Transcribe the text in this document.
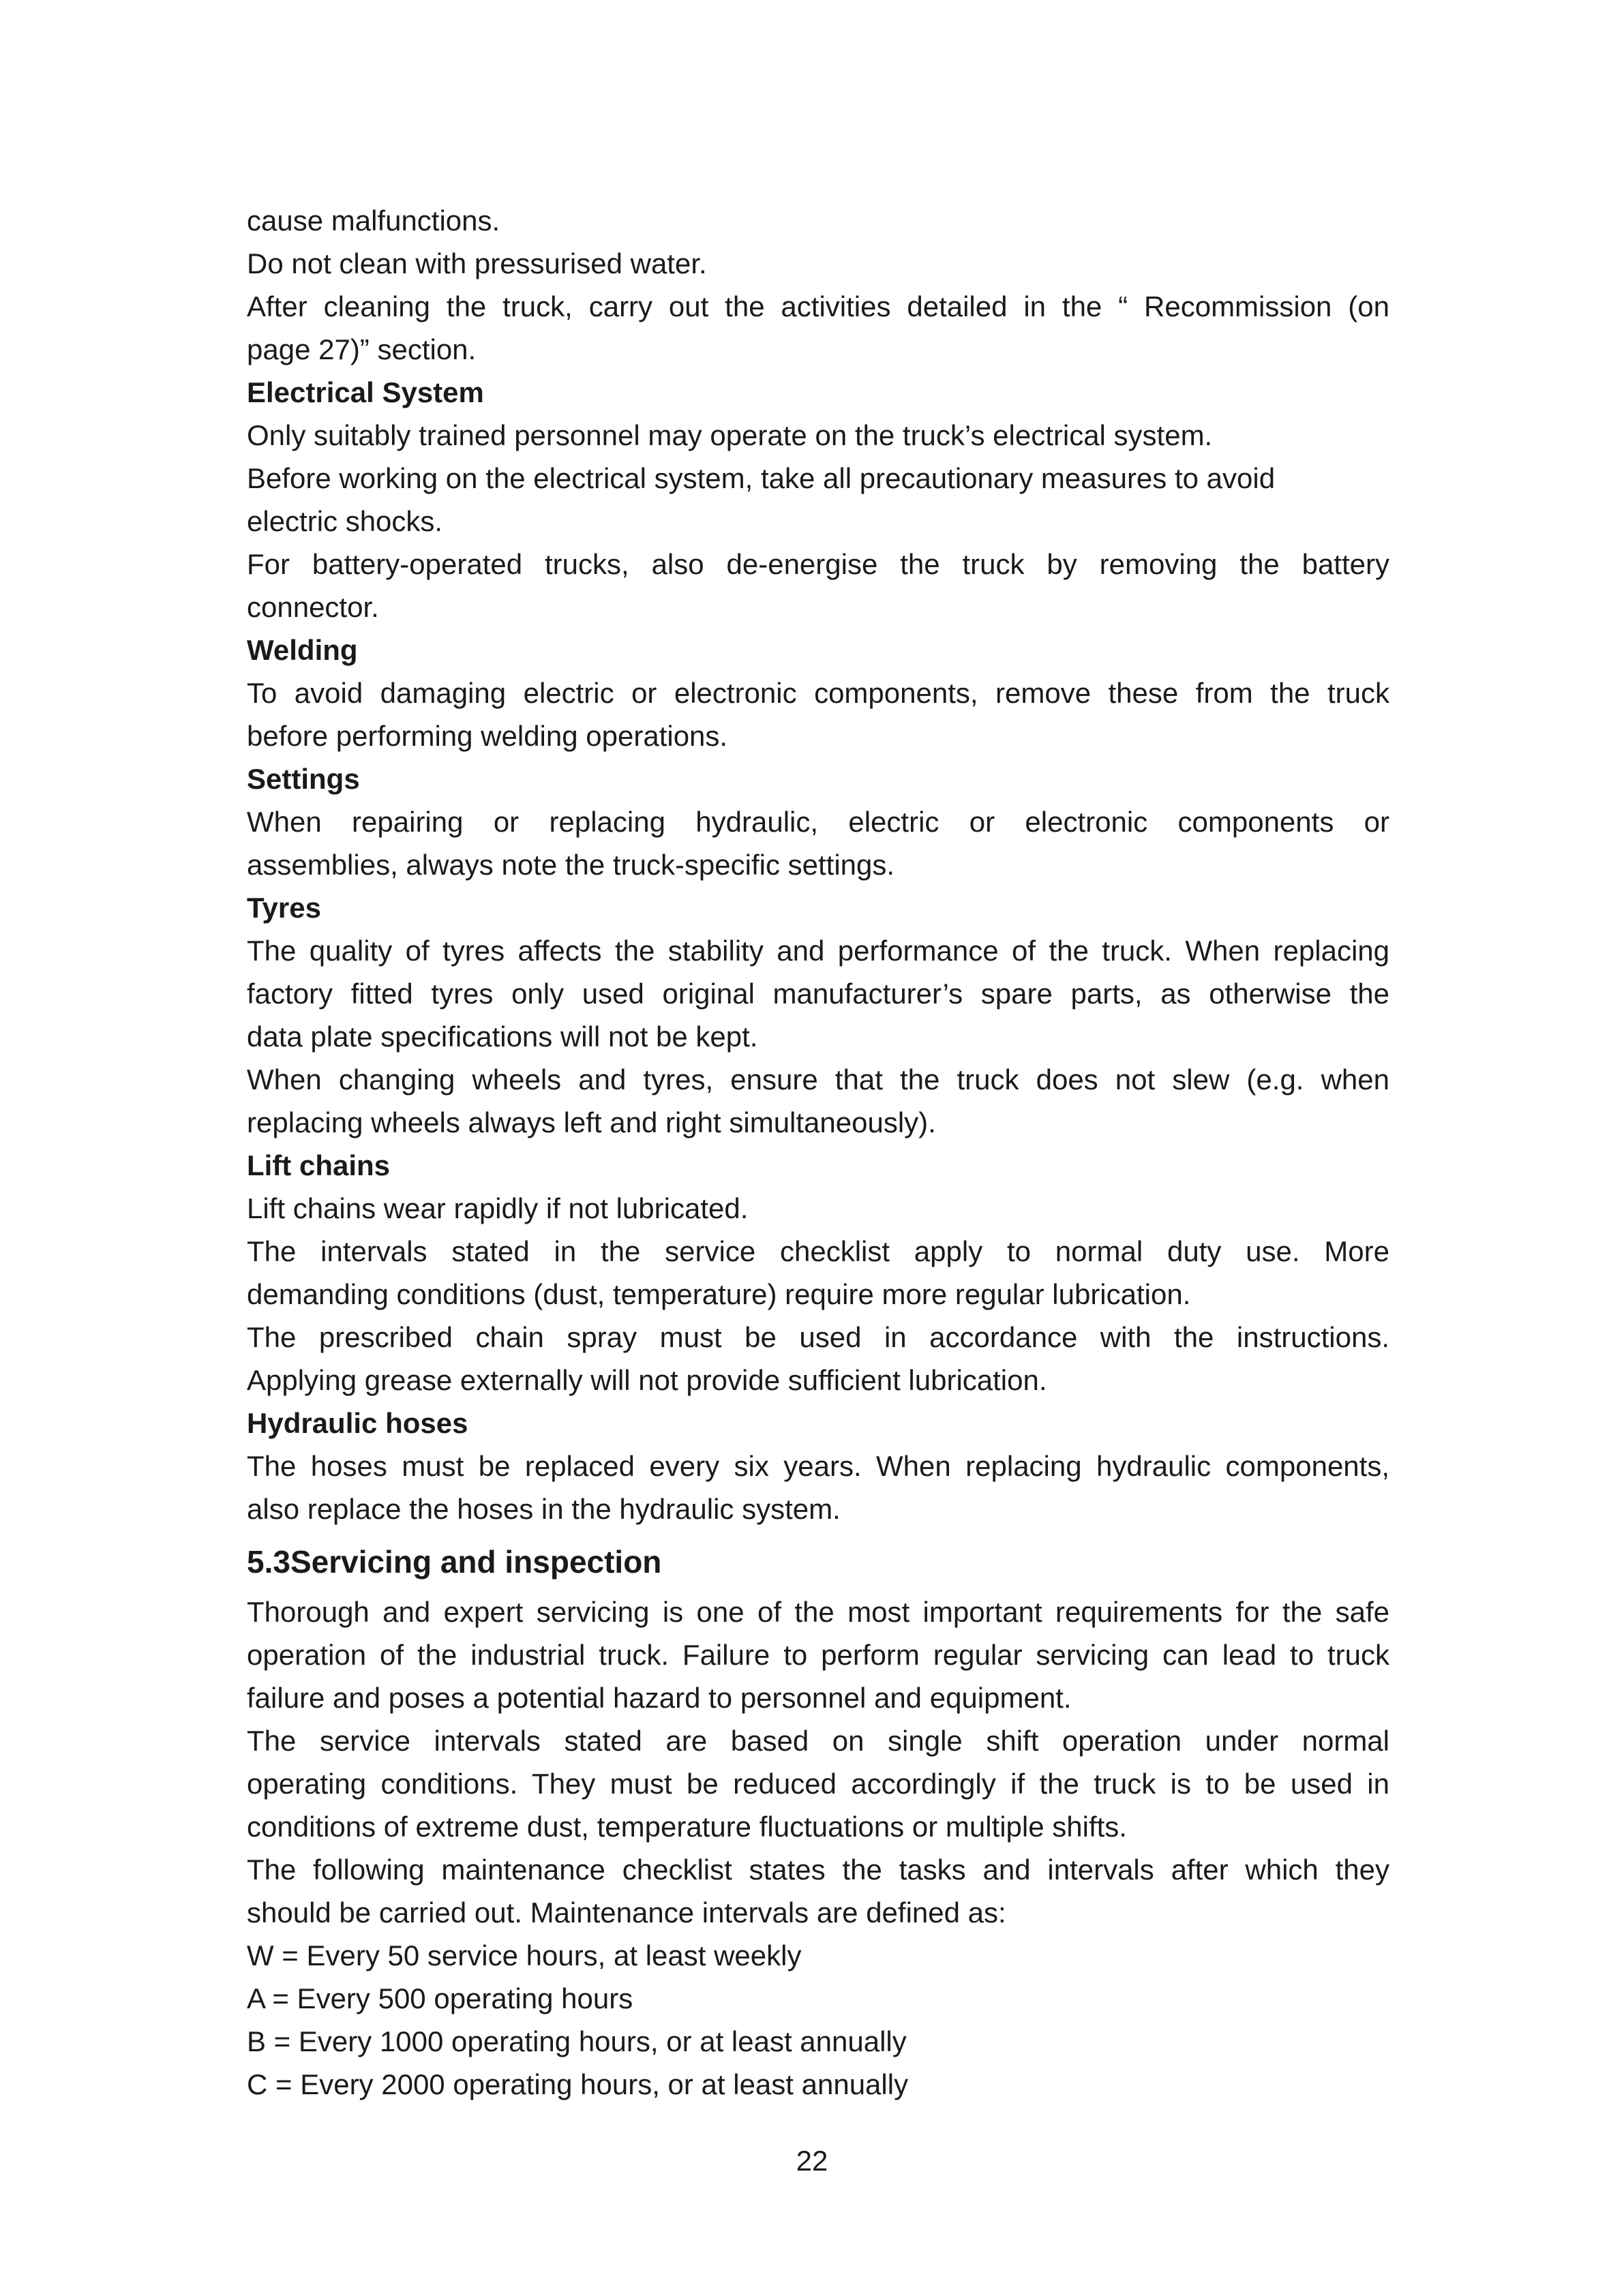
cause malfunctions.
Do not clean with pressurised water.
After cleaning the truck, carry out the activities detailed in the “ Recommission (on
page 27)” section.
Electrical System
Only suitably trained personnel may operate on the truck’s electrical system.
Before working on the electrical system, take all precautionary measures to avoid
electric shocks.
For battery-operated trucks, also de-energise the truck by removing the battery
connector.
Welding
To avoid damaging electric or electronic components, remove these from the truck
before performing welding operations.
Settings
When repairing or replacing hydraulic, electric or electronic components or
assemblies, always note the truck-specific settings.
Tyres
The quality of tyres affects the stability and performance of the truck. When replacing
factory fitted tyres only used original manufacturer’s spare parts, as otherwise the
data plate specifications will not be kept.
When changing wheels and tyres, ensure that the truck does not slew (e.g. when
replacing wheels always left and right simultaneously).
Lift chains
Lift chains wear rapidly if not lubricated.
The intervals stated in the service checklist apply to normal duty use. More
demanding conditions (dust, temperature) require more regular lubrication.
The prescribed chain spray must be used in accordance with the instructions.
Applying grease externally will not provide sufficient lubrication.
Hydraulic hoses
The hoses must be replaced every six years. When replacing hydraulic components,
also replace the hoses in the hydraulic system.
5.3Servicing and inspection
Thorough and expert servicing is one of the most important requirements for the safe
operation of the industrial truck. Failure to perform regular servicing can lead to truck
failure and poses a potential hazard to personnel and equipment.
The service intervals stated are based on single shift operation under normal
operating conditions. They must be reduced accordingly if the truck is to be used in
conditions of extreme dust, temperature fluctuations or multiple shifts.
The following maintenance checklist states the tasks and intervals after which they
should be carried out. Maintenance intervals are defined as:
W = Every 50 service hours, at least weekly
A = Every 500 operating hours
B = Every 1000 operating hours, or at least annually
C = Every 2000 operating hours, or at least annually
22
